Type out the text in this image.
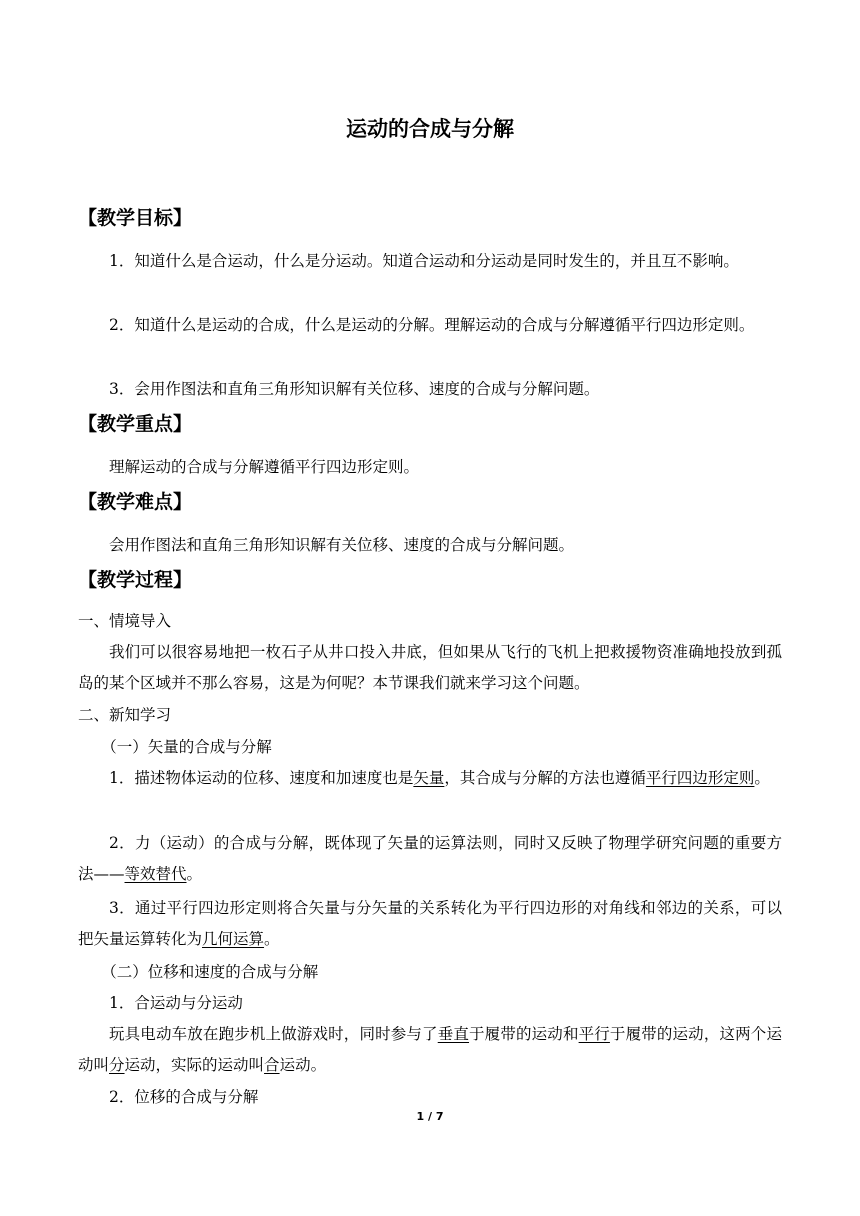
运动的合成与分解
【教学目标】
1．知道什么是合运动，什么是分运动。知道合运动和分运动是同时发生的，并且互不影响。
2．知道什么是运动的合成，什么是运动的分解。理解运动的合成与分解遵循平行四边形定则。
3．会用作图法和直角三角形知识解有关位移、速度的合成与分解问题。
【教学重点】
理解运动的合成与分解遵循平行四边形定则。
【教学难点】
会用作图法和直角三角形知识解有关位移、速度的合成与分解问题。
【教学过程】
一、情境导入
我们可以很容易地把一枚石子从井口投入井底，但如果从飞行的飞机上把救援物资准确地投放到孤岛的某个区域并不那么容易，这是为何呢？本节课我们就来学习这个问题。
二、新知学习
（一）矢量的合成与分解
1．描述物体运动的位移、速度和加速度也是矢量，其合成与分解的方法也遵循平行四边形定则。
2．力（运动）的合成与分解，既体现了矢量的运算法则，同时又反映了物理学研究问题的重要方法——等效替代。
3．通过平行四边形定则将合矢量与分矢量的关系转化为平行四边形的对角线和邻边的关系，可以把矢量运算转化为几何运算。
（二）位移和速度的合成与分解
1．合运动与分运动
玩具电动车放在跑步机上做游戏时，同时参与了垂直于履带的运动和平行于履带的运动，这两个运动叫分运动，实际的运动叫合运动。
2．位移的合成与分解
1 / 7
